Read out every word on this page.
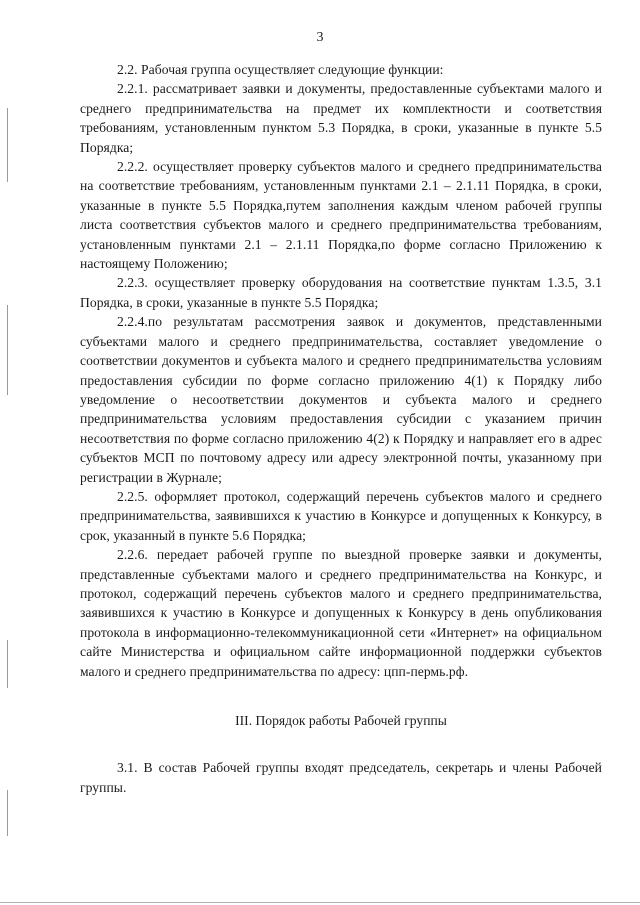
3

2.2. Рабочая группа осуществляет следующие функции:

2.2.1. рассматривает заявки и документы, предоставленные субъектами малого и среднего предпринимательства на предмет их комплектности и соответствия требованиям, установленным пунктом 5.3 Порядка, в сроки, указанные в пункте 5.5 Порядка;

2.2.2. осуществляет проверку субъектов малого и среднего предпринимательства на соответствие требованиям, установленным пунктами 2.1 – 2.1.11 Порядка, в сроки, указанные в пункте 5.5 Порядка,путем заполнения каждым членом рабочей группы листа соответствия субъектов малого и среднего предпринимательства требованиям, установленным пунктами 2.1 – 2.1.11 Порядка,по форме согласно Приложению к настоящему Положению;

2.2.3. осуществляет проверку оборудования на соответствие пунктам 1.3.5, 3.1 Порядка, в сроки, указанные в пункте 5.5 Порядка;

2.2.4.по результатам рассмотрения заявок и документов, представленными субъектами малого и среднего предпринимательства, составляет уведомление о соответствии документов и субъекта малого и среднего предпринимательства условиям предоставления субсидии по форме согласно приложению 4(1) к Порядку либо уведомление о несоответствии документов и субъекта малого и среднего предпринимательства условиям предоставления субсидии с указанием причин несоответствия по форме согласно приложению 4(2) к Порядку и направляет его в адрес субъектов МСП по почтовому адресу или адресу электронной почты, указанному при регистрации в Журнале;

2.2.5. оформляет протокол, содержащий перечень субъектов малого и среднего предпринимательства, заявившихся к участию в Конкурсе и допущенных к Конкурсу, в срок, указанный в пункте 5.6 Порядка;

2.2.6. передает рабочей группе по выездной проверке заявки и документы, представленные субъектами малого и среднего предпринимательства на Конкурс, и протокол, содержащий перечень субъектов малого и среднего предпринимательства, заявившихся к участию в Конкурсе и допущенных к Конкурсу в день опубликования протокола в информационно-телекоммуникационной сети «Интернет» на официальном сайте Министерства и официальном сайте информационной поддержки субъектов малого и среднего предпринимательства по адресу: цпп-пермь.рф.

III. Порядок работы Рабочей группы

3.1. В состав Рабочей группы входят председатель, секретарь и члены Рабочей группы.
